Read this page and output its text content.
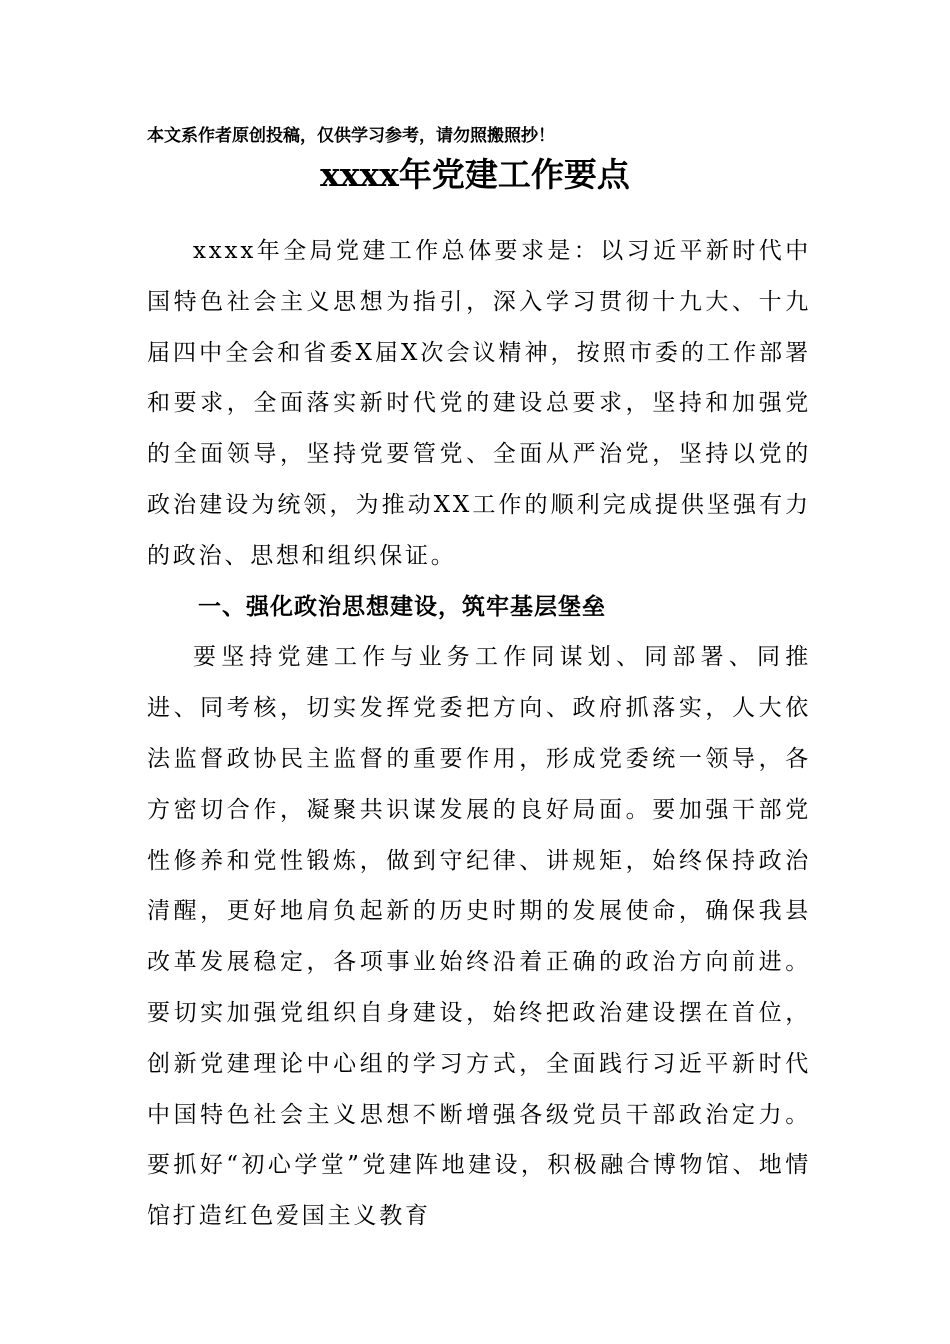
本文系作者原创投稿，仅供学习参考，请勿照搬照抄！
xxxx年党建工作要点

xxxx年全局党建工作总体要求是：以习近平新时代中国特色社会主义思想为指引，深入学习贯彻十九大、十九届四中全会和省委X届X次会议精神，按照市委的工作部署和要求，全面落实新时代党的建设总要求，坚持和加强党的全面领导，坚持党要管党、全面从严治党，坚持以党的政治建设为统领，为推动XX工作的顺利完成提供坚强有力的政治、思想和组织保证。

一、强化政治思想建设，筑牢基层堡垒

要坚持党建工作与业务工作同谋划、同部署、同推进、同考核，切实发挥党委把方向、政府抓落实，人大依法监督政协民主监督的重要作用，形成党委统一领导，各方密切合作，凝聚共识谋发展的良好局面。要加强干部党性修养和党性锻炼，做到守纪律、讲规矩，始终保持政治清醒，更好地肩负起新的历史时期的发展使命，确保我县改革发展稳定，各项事业始终沿着正确的政治方向前进。要切实加强党组织自身建设，始终把政治建设摆在首位，创新党建理论中心组的学习方式，全面践行习近平新时代中国特色社会主义思想不断增强各级党员干部政治定力。要抓好“初心学堂”党建阵地建设，积极融合博物馆、地情馆打造红色爱国主义教育
